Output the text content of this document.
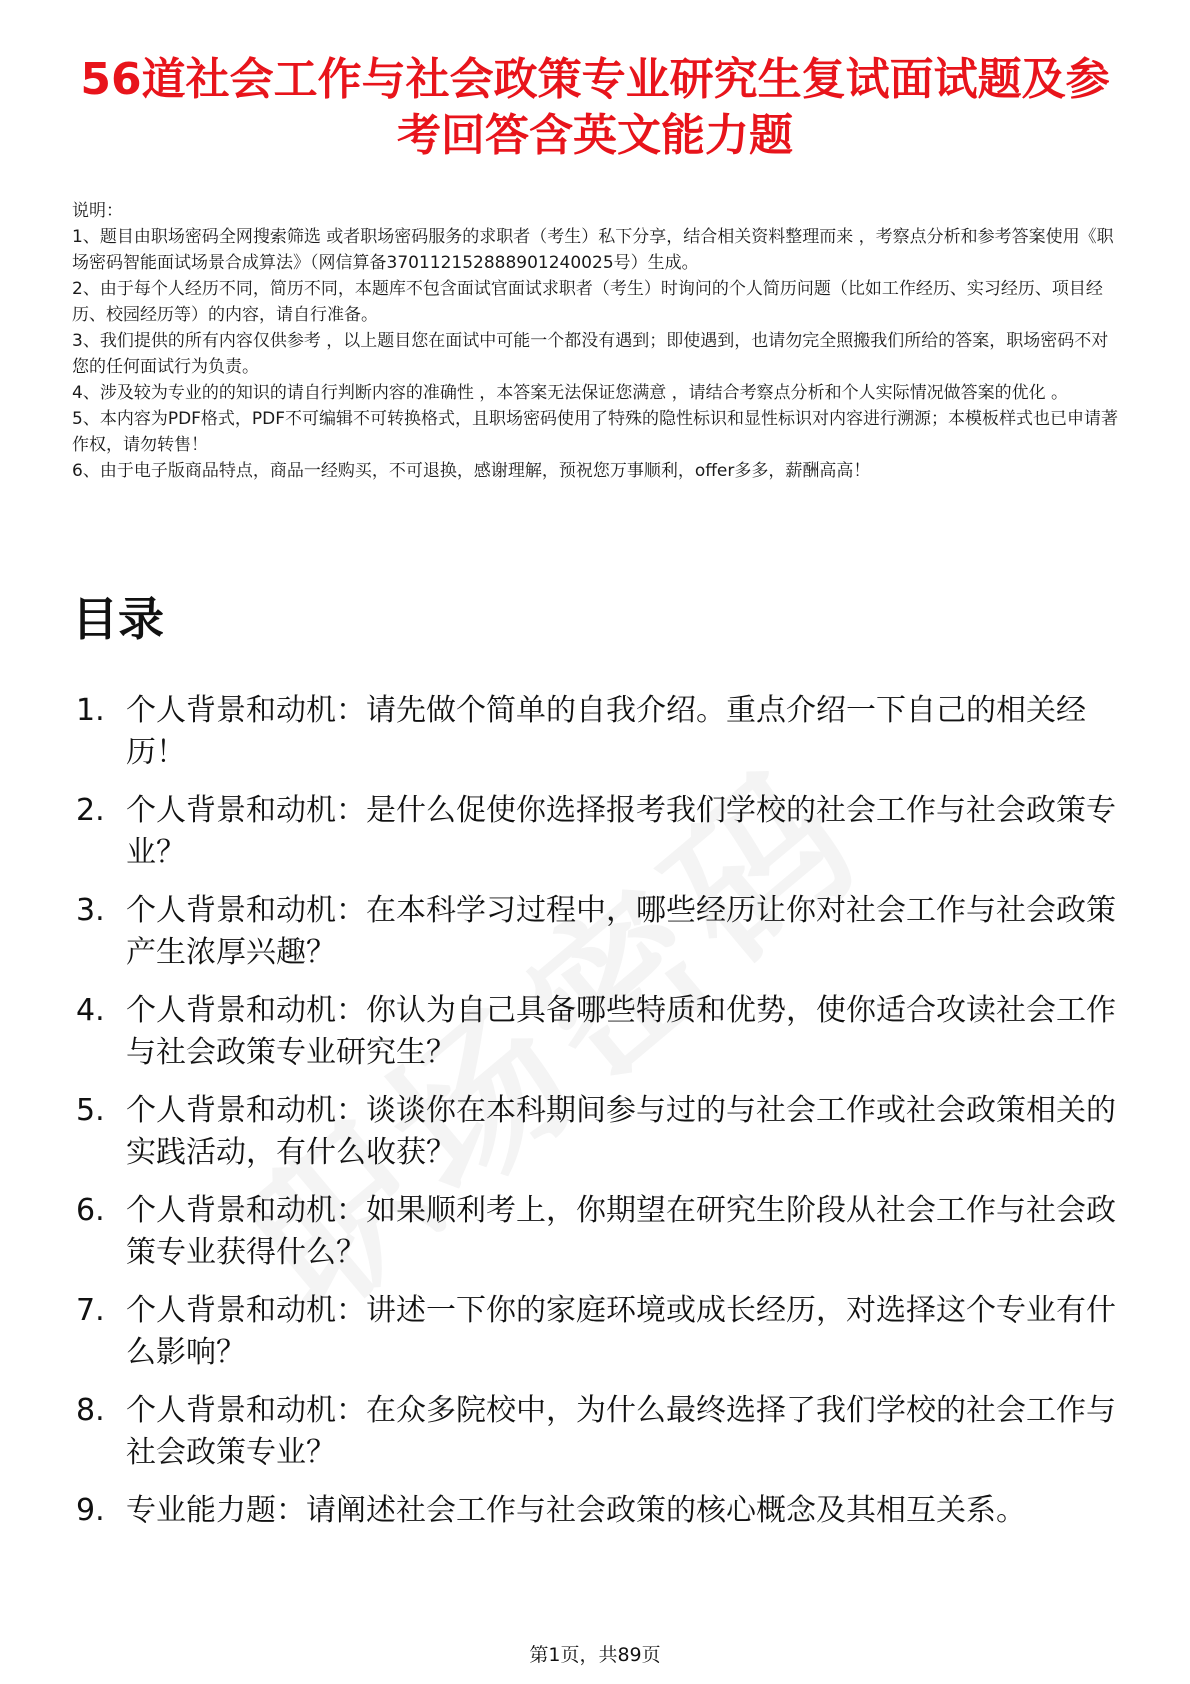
56道社会工作与社会政策专业研究生复试面试题及参考回答含英文能力题

说明：

1、题目由职场密码全网搜索筛选 或者职场密码服务的求职者（考生）私下分享，结合相关资料整理而来 ，考察点分析和参考答案使用《职场密码智能面试场景合成算法》（网信算备370112152888901240025号）生成。

2、由于每个人经历不同，简历不同，本题库不包含面试官面试求职者（考生）时询问的个人简历问题（比如工作经历、实习经历、项目经历、校园经历等）的内容，请自行准备。

3、我们提供的所有内容仅供参考 ，以上题目您在面试中可能一个都没有遇到；即使遇到，也请勿完全照搬我们所给的答案，职场密码不对您的任何面试行为负责。

4、涉及较为专业的的知识的请自行判断内容的准确性 ，本答案无法保证您满意 ，请结合考察点分析和个人实际情况做答案的优化 。

5、本内容为PDF格式，PDF不可编辑不可转换格式，且职场密码使用了特殊的隐性标识和显性标识对内容进行溯源；本模板样式也已申请著作权，请勿转售！

6、由于电子版商品特点，商品一经购买，不可退换，感谢理解，预祝您万事顺利，offer多多，薪酬高高！

目录
1. 个人背景和动机：请先做个简单的自我介绍。重点介绍一下自己的相关经历！
2. 个人背景和动机：是什么促使你选择报考我们学校的社会工作与社会政策专业？
3. 个人背景和动机：在本科学习过程中，哪些经历让你对社会工作与社会政策产生浓厚兴趣？
4. 个人背景和动机：你认为自己具备哪些特质和优势，使你适合攻读社会工作与社会政策专业研究生？
5. 个人背景和动机：谈谈你在本科期间参与过的与社会工作或社会政策相关的实践活动，有什么收获？
6. 个人背景和动机：如果顺利考上，你期望在研究生阶段从社会工作与社会政策专业获得什么？
7. 个人背景和动机：讲述一下你的家庭环境或成长经历，对选择这个专业有什么影响？
8. 个人背景和动机：在众多院校中，为什么最终选择了我们学校的社会工作与社会政策专业？
9. 专业能力题：请阐述社会工作与社会政策的核心概念及其相互关系。
第1页，共89页
